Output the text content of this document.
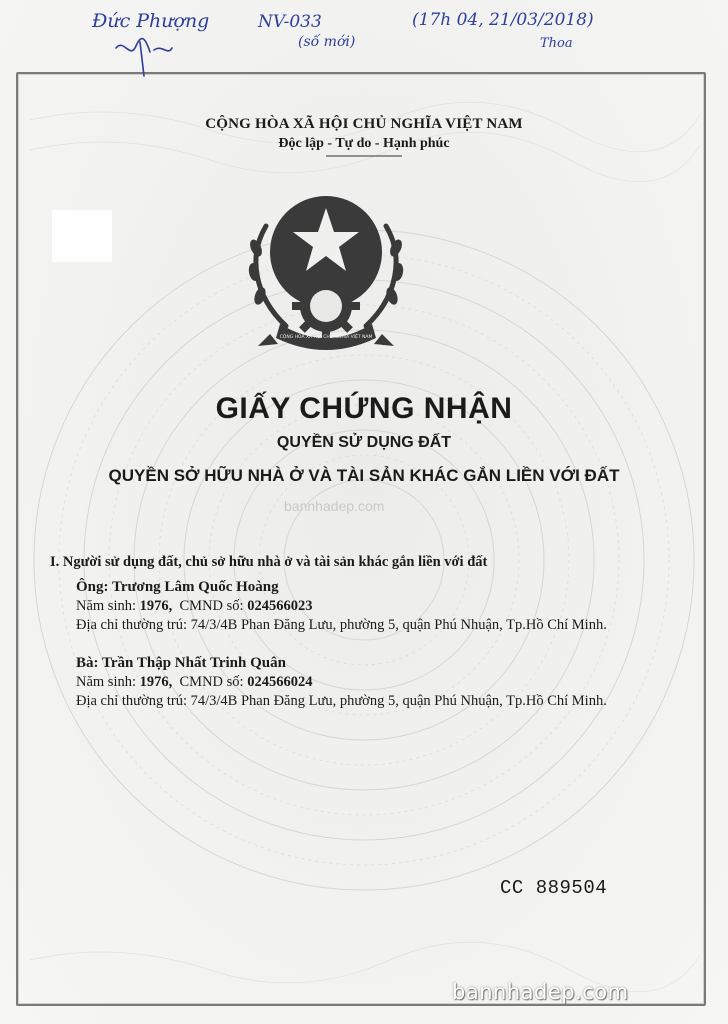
Đức Phượng	NV-033
(số mới)
(17h 04, 21/03/2018)
Thoa
CỘNG HÒA XÃ HỘI CHỦ NGHĨA VIỆT NAM
Độc lập - Tự do - Hạnh phúc
CỘNG HÒA XÃ HỘI CHỦ NGHĨA VIỆT NAM
GIẤY CHỨNG NHẬN
QUYỀN SỬ DỤNG ĐẤT
QUYỀN SỞ HỮU NHÀ Ở VÀ TÀI SẢN KHÁC GẮN LIỀN VỚI ĐẤT
bannhadep.com
I. Người sử dụng đất, chủ sở hữu nhà ở và tài sản khác gắn liền với đất
Ông: Trương Lâm Quốc Hoàng
Năm sinh: 1976, CMND số: 024566023
Địa chỉ thường trú: 74/3/4B Phan Đăng Lưu, phường 5, quận Phú Nhuận, Tp.Hồ Chí Minh.
Bà: Trần Thập Nhất Trinh Quân
Năm sinh: 1976, CMND số: 024566024
Địa chỉ thường trú: 74/3/4B Phan Đăng Lưu, phường 5, quận Phú Nhuận, Tp.Hồ Chí Minh.
CC 889504
bannhadep.com
